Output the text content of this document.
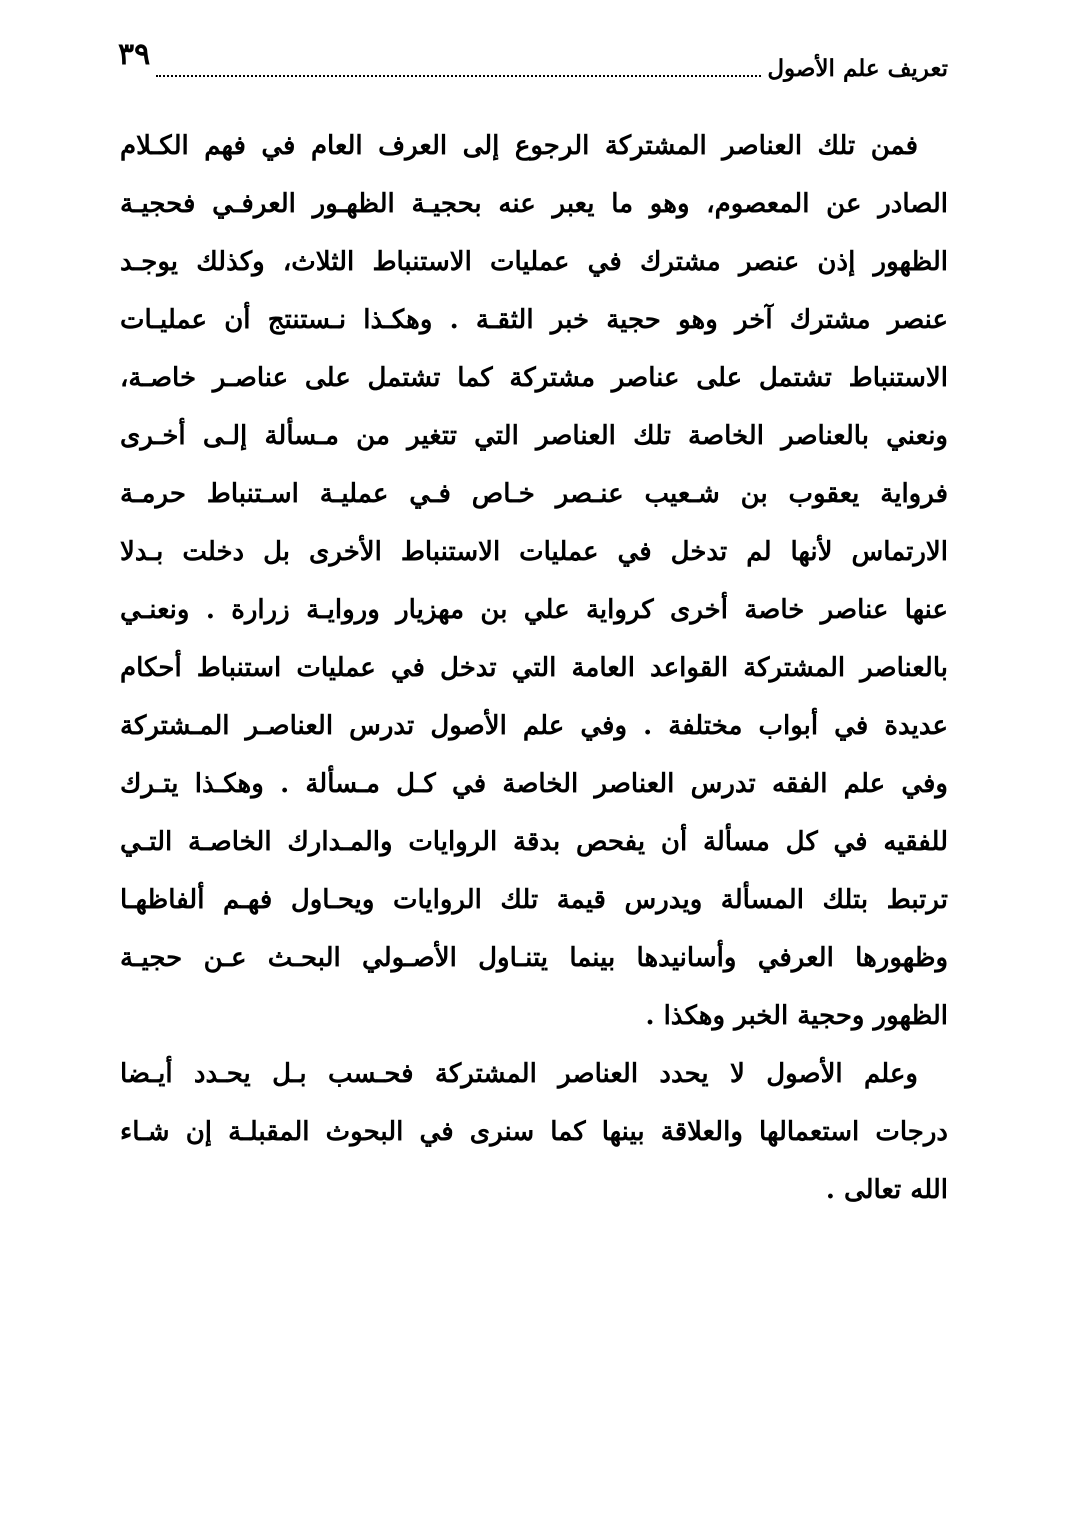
تعريف علم الأصول
٣٩
فمن تلك العناصر المشتركة الرجوع إلى العرف العام في فهم الكـلام
الصادر عن المعصوم، وهو ما يعبر عنه بحجيـة الظهـور العرفـي فحجيـة
الظهور إذن عنصر مشترك في عمليات الاستنباط الثلاث، وكذلك يوجـد
عنصر مشترك آخر وهو حجية خبر الثقـة . وهكـذا نـستنتج أن عمليـات
الاستنباط تشتمل على عناصر مشتركة كما تشتمل على عناصـر خاصـة،
ونعني بالعناصر الخاصة تلك العناصر التي تتغير من مـسألة إلـى أخـرى
فرواية يعقوب بن شـعيب عنـصر خـاص فـي عمليـة اسـتنباط حرمـة
الارتماس لأنها لم تدخل في عمليات الاستنباط الأخرى بل دخلت بـدلا
عنها عناصر خاصة أخرى كرواية علي بن مهزيار وروايـة زرارة . ونعنـي
بالعناصر المشتركة القواعد العامة التي تدخل في عمليات استنباط أحكام
عديدة في أبواب مختلفة . وفي علم الأصول تدرس العناصـر المـشتركة
وفي علم الفقه تدرس العناصر الخاصة في كـل مـسألة . وهكـذا يتـرك
للفقيه في كل مسألة أن يفحص بدقة الروايات والمـدارك الخاصـة التـي
ترتبط بتلك المسألة ويدرس قيمة تلك الروايات ويحـاول فهـم ألفاظهـا
وظهورها العرفي وأسانيدها بينما يتنـاول الأصـولي البحـث عـن حجيـة
الظهور وحجية الخبر وهكذا .
وعلم الأصول لا يحدد العناصر المشتركة فحـسب بـل يحـدد أيـضا
درجات استعمالها والعلاقة بينها كما سنرى في البحوث المقبلـة إن شـاء
الله تعالى .
